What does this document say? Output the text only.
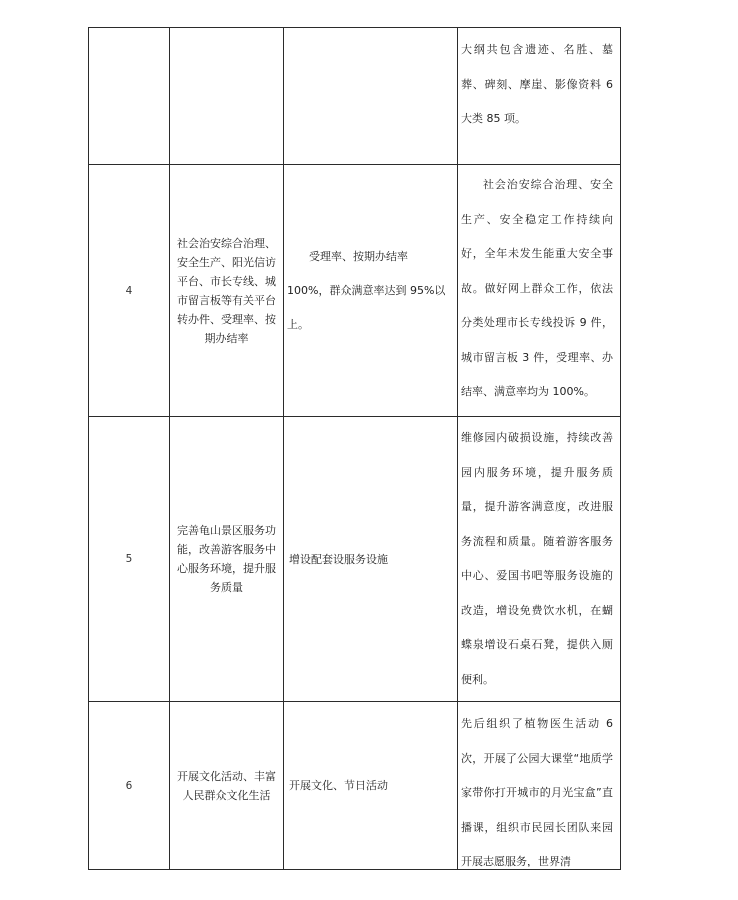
大纲共包含遗迹、名胜、墓葬、碑刻、摩崖、影像资料 6 大类 85 项。
4
社会治安综合治理、安全生产、阳光信访平台、市长专线、城市留言板等有关平台转办件、受理率、按期办结率
受理率、按期办结率
100%，群众满意率达到 95%以上。
社会治安综合治理、安全生产、安全稳定工作持续向好，全年未发生能重大安全事故。做好网上群众工作，依法分类处理市长专线投诉 9 件，城市留言板 3 件，受理率、办结率、满意率均为 100%。
5
完善龟山景区服务功能，改善游客服务中心服务环境，提升服务质量
增设配套设服务设施
维修园内破损设施，持续改善园内服务环境，提升服务质量，提升游客满意度，改进服务流程和质量。随着游客服务中心、爱国书吧等服务设施的改造，增设免费饮水机，在蝴蝶泉增设石桌石凳，提供入厕便利。
6
开展文化活动、丰富人民群众文化生活
开展文化、节日活动
先后组织了植物医生活动 6 次，开展了公园大课堂“地质学家带你打开城市的月光宝盒”直播课，组织市民园长团队来园开展志愿服务，世界清
